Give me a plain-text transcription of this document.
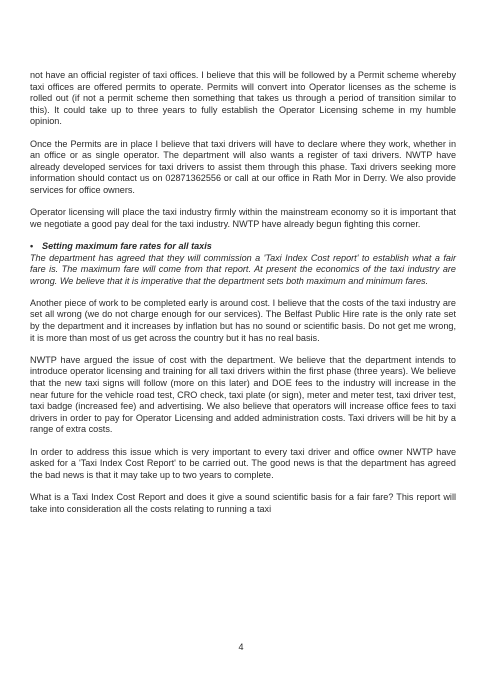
not have an official register of taxi offices. I believe that this will be followed by a Permit scheme whereby taxi offices are offered permits to operate. Permits will convert into Operator licenses as the scheme is rolled out (if not a permit scheme then something that takes us through a period of transition similar to this). It could take up to three years to fully establish the Operator Licensing scheme in my humble opinion.

Once the Permits are in place I believe that taxi drivers will have to declare where they work, whether in an office or as single operator. The department will also wants a register of taxi drivers. NWTP have already developed services for taxi drivers to assist them through this phase. Taxi drivers seeking more information should contact us on 02871362556 or call at our office in Rath Mor in Derry. We also provide services for office owners.

Operator licensing will place the taxi industry firmly within the mainstream economy so it is important that we negotiate a good pay deal for the taxi industry. NWTP have already begun fighting this corner.

• Setting maximum fare rates for all taxis

The department has agreed that they will commission a 'Taxi Index Cost report' to establish what a fair fare is. The maximum fare will come from that report. At present the economics of the taxi industry are wrong. We believe that it is imperative that the department sets both maximum and minimum fares.

Another piece of work to be completed early is around cost. I believe that the costs of the taxi industry are set all wrong (we do not charge enough for our services). The Belfast Public Hire rate is the only rate set by the department and it increases by inflation but has no sound or scientific basis. Do not get me wrong, it is more than most of us get across the country but it has no real basis.

NWTP have argued the issue of cost with the department. We believe that the department intends to introduce operator licensing and training for all taxi drivers within the first phase (three years). We believe that the new taxi signs will follow (more on this later) and DOE fees to the industry will increase in the near future for the vehicle road test, CRO check, taxi plate (or sign), meter and meter test, taxi driver test, taxi badge (increased fee) and advertising. We also believe that operators will increase office fees to taxi drivers in order to pay for Operator Licensing and added administration costs. Taxi drivers will be hit by a range of extra costs.

In order to address this issue which is very important to every taxi driver and office owner NWTP have asked for a 'Taxi Index Cost Report' to be carried out. The good news is that the department has agreed the bad news is that it may take up to two years to complete.

What is a Taxi Index Cost Report and does it give a sound scientific basis for a fair fare? This report will take into consideration all the costs relating to running a taxi

4
